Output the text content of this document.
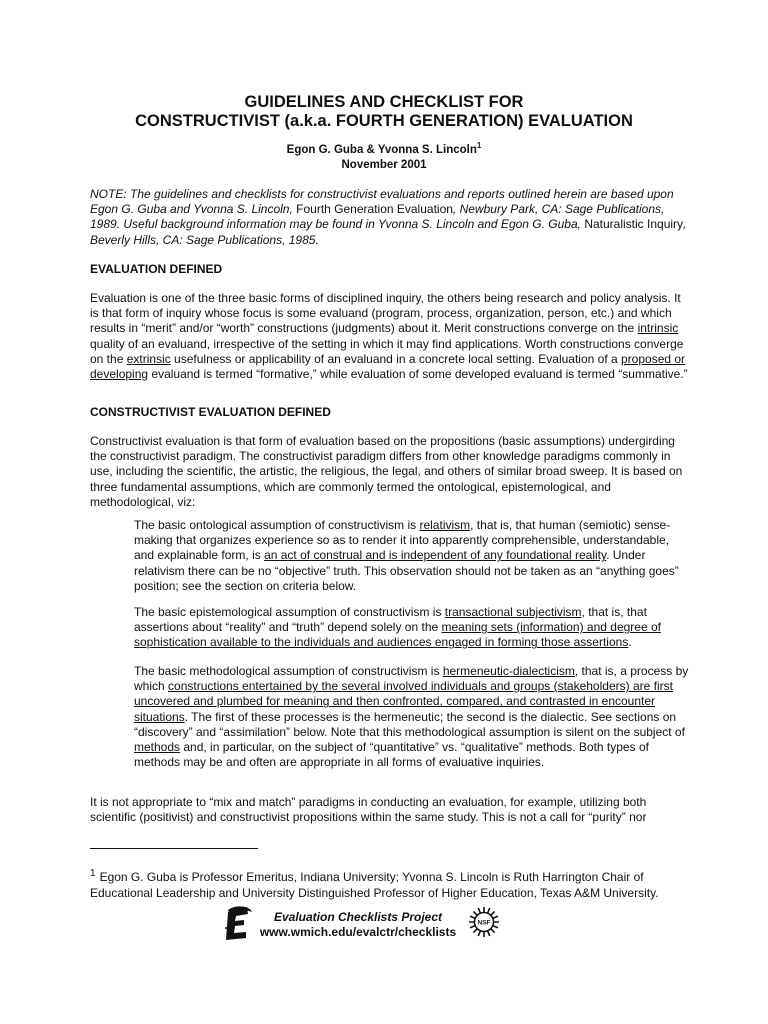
GUIDELINES AND CHECKLIST FOR
CONSTRUCTIVIST (a.k.a. FOURTH GENERATION) EVALUATION
Egon G. Guba & Yvonna S. Lincoln$^1$
November 2001

NOTE: The guidelines and checklists for constructivist evaluations and reports outlined herein are based upon Egon G. Guba and Yvonna S. Lincoln, Fourth Generation Evaluation, Newbury Park, CA: Sage Publications, 1989. Useful background information may be found in Yvonna S. Lincoln and Egon G. Guba, Naturalistic Inquiry, Beverly Hills, CA: Sage Publications, 1985.

EVALUATION DEFINED

Evaluation is one of the three basic forms of disciplined inquiry, the others being research and policy analysis. It is that form of inquiry whose focus is some evaluand (program, process, organization, person, etc.) and which results in “merit” and/or “worth” constructions (judgments) about it. Merit constructions converge on the intrinsic quality of an evaluand, irrespective of the setting in which it may find applications. Worth constructions converge on the extrinsic usefulness or applicability of an evaluand in a concrete local setting. Evaluation of a proposed or developing evaluand is termed “formative,” while evaluation of some developed evaluand is termed “summative.”

CONSTRUCTIVIST EVALUATION DEFINED

Constructivist evaluation is that form of evaluation based on the propositions (basic assumptions) undergirding the constructivist paradigm. The constructivist paradigm differs from other knowledge paradigms commonly in use, including the scientific, the artistic, the religious, the legal, and others of similar broad sweep. It is based on three fundamental assumptions, which are commonly termed the ontological, epistemological, and methodological, viz:

The basic ontological assumption of constructivism is relativism, that is, that human (semiotic) sense-making that organizes experience so as to render it into apparently comprehensible, understandable, and explainable form, is an act of construal and is independent of any foundational reality. Under relativism there can be no “objective” truth. This observation should not be taken as an “anything goes” position; see the section on criteria below.

The basic epistemological assumption of constructivism is transactional subjectivism, that is, that assertions about “reality” and “truth” depend solely on the meaning sets (information) and degree of sophistication available to the individuals and audiences engaged in forming those assertions.

The basic methodological assumption of constructivism is hermeneutic-dialecticism, that is, a process by which constructions entertained by the several involved individuals and groups (stakeholders) are first uncovered and plumbed for meaning and then confronted, compared, and contrasted in encounter situations. The first of these processes is the hermeneutic; the second is the dialectic. See sections on “discovery” and “assimilation” below. Note that this methodological assumption is silent on the subject of methods and, in particular, on the subject of “quantitative” vs. “qualitative” methods. Both types of methods may be and often are appropriate in all forms of evaluative inquiries.

It is not appropriate to “mix and match” paradigms in conducting an evaluation, for example, utilizing both scientific (positivist) and constructivist propositions within the same study. This is not a call for “purity” nor

$^1$ Egon G. Guba is Professor Emeritus, Indiana University; Yvonna S. Lincoln is Ruth Harrington Chair of Educational Leadership and University Distinguished Professor of Higher Education, Texas A&M University.

Evaluation Checklists Project
www.wmich.edu/evalctr/checklists
NSF
